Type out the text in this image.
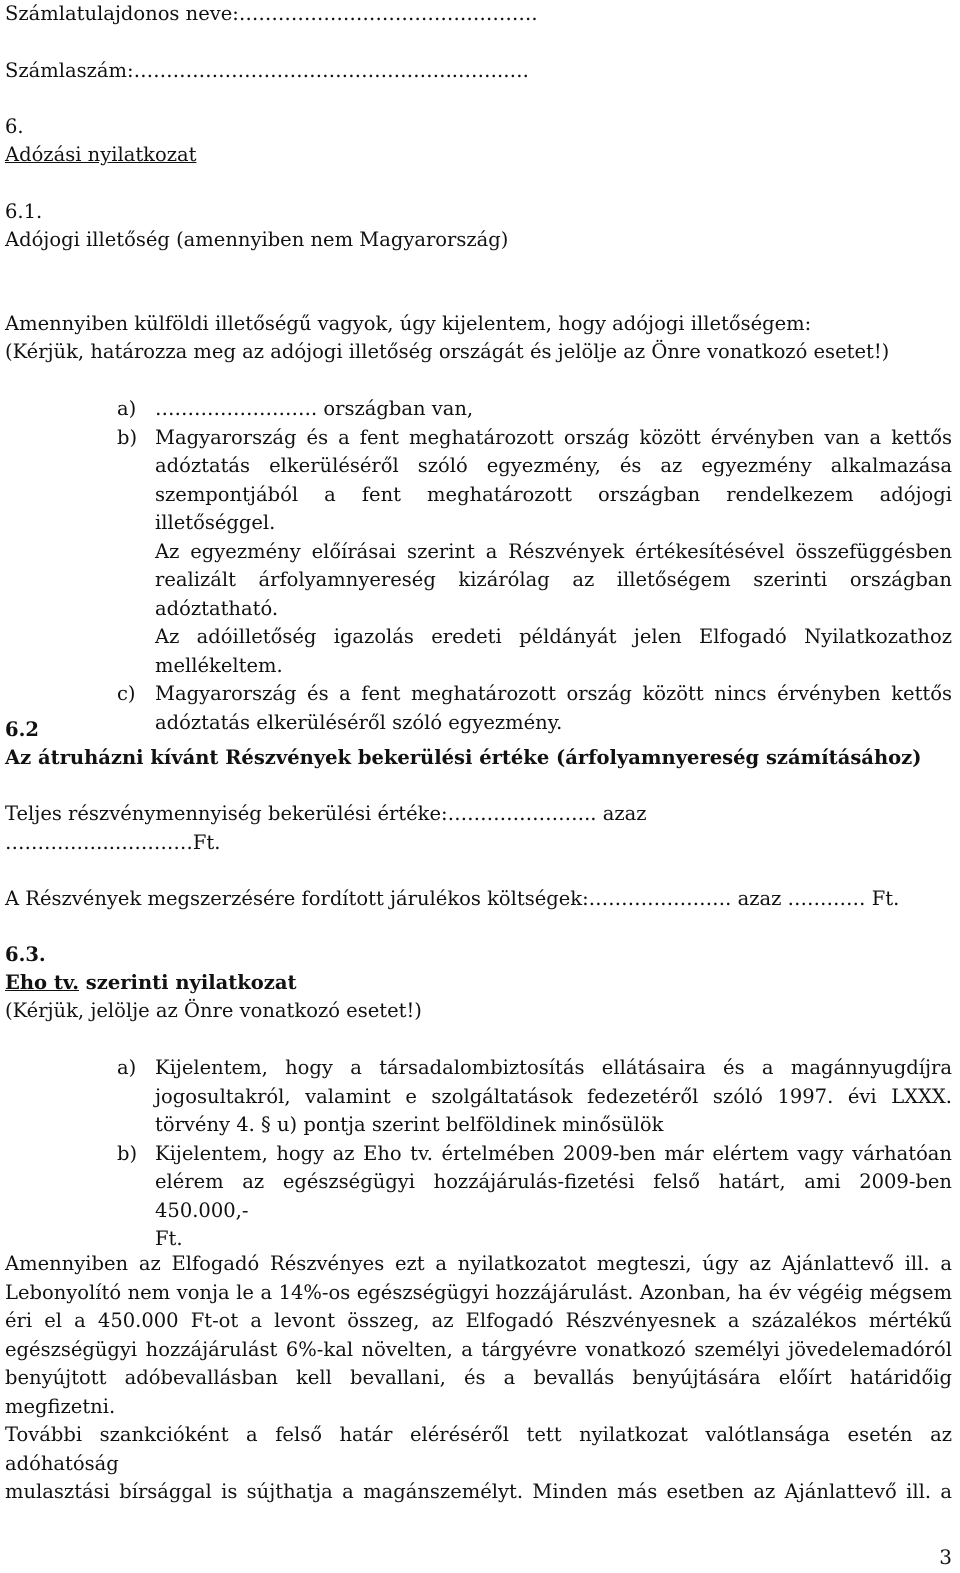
Számlatulajdonos neve:……………………………………….
Számlaszám:…………………………………………..…….….
6.
Adózási nyilatkozat
6.1.
Adójogi illetőség (amennyiben nem Magyarország)
Amennyiben külföldi illetőségű vagyok, úgy kijelentem, hogy adójogi illetőségem:
(Kérjük, határozza meg az adójogi illetőség országát és jelölje az Önre vonatkozó esetet!)
a) ……………………. országban van,
b) Magyarország és a fent meghatározott ország között érvényben van a kettős
adóztatás elkerüléséről szóló egyezmény, és az egyezmény alkalmazása
szempontjából a fent meghatározott országban rendelkezem adójogi illetőséggel.
Az egyezmény előírásai szerint a Részvények értékesítésével összefüggésben
realizált árfolyamnyereség kizárólag az illetőségem szerinti országban adóztatható.
Az adóilletőség igazolás eredeti példányát jelen Elfogadó Nyilatkozathoz
mellékeltem.
c) Magyarország és a fent meghatározott ország között nincs érvényben kettős
adóztatás elkerüléséről szóló egyezmény.
6.2
Az átruházni kívánt Részvények bekerülési értéke (árfolyamnyereség számításához)
Teljes részvénymennyiség bekerülési értéke:………………….. azaz
……………..…………Ft.
A Részvények megszerzésére fordított járulékos költségek:…………………. azaz ………… Ft.
6.3.
Eho tv. szerinti nyilatkozat
(Kérjük, jelölje az Önre vonatkozó esetet!)
a) Kijelentem, hogy a társadalombiztosítás ellátásaira és a magánnyugdíjra
jogosultakról, valamint e szolgáltatások fedezetéről szóló 1997. évi LXXX.
törvény 4. § u) pontja szerint belföldinek minősülök
b) Kijelentem, hogy az Eho tv. értelmében 2009-ben már elértem vagy várhatóan
elérem az egészségügyi hozzájárulás-fizetési felső határt, ami 2009-ben 450.000,-
Ft.
Amennyiben az Elfogadó Részvényes ezt a nyilatkozatot megteszi, úgy az Ajánlattevő ill. a
Lebonyolító nem vonja le a 14%-os egészségügyi hozzájárulást. Azonban, ha év végéig mégsem
éri el a 450.000 Ft-ot a levont összeg, az Elfogadó Részvényesnek a százalékos mértékű
egészségügyi hozzájárulást 6%-kal növelten, a tárgyévre vonatkozó személyi jövedelemadóról
benyújtott adóbevallásban kell bevallani, és a bevallás benyújtására előírt határidőig megfizetni.
További szankcióként a felső határ eléréséről tett nyilatkozat valótlansága esetén az adóhatóság
mulasztási bírsággal is sújthatja a magánszemélyt. Minden más esetben az Ajánlattevő ill. a
3
